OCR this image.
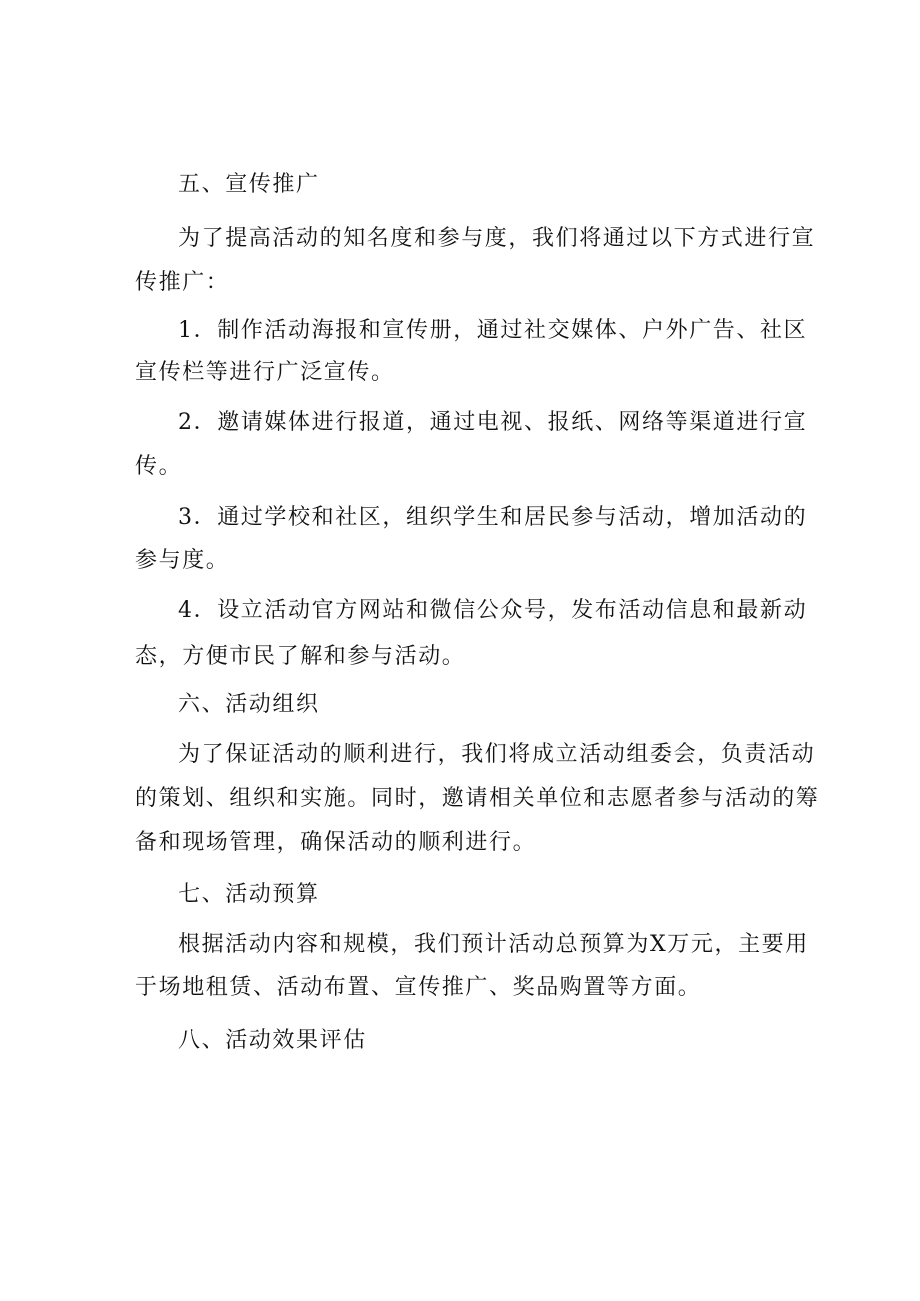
五、宣传推广
为了提高活动的知名度和参与度，我们将通过以下方式进行宣
传推广：
1．制作活动海报和宣传册，通过社交媒体、户外广告、社区
宣传栏等进行广泛宣传。
2．邀请媒体进行报道，通过电视、报纸、网络等渠道进行宣
传。
3．通过学校和社区，组织学生和居民参与活动，增加活动的
参与度。
4．设立活动官方网站和微信公众号，发布活动信息和最新动
态，方便市民了解和参与活动。
六、活动组织
为了保证活动的顺利进行，我们将成立活动组委会，负责活动
的策划、组织和实施。同时，邀请相关单位和志愿者参与活动的筹
备和现场管理，确保活动的顺利进行。
七、活动预算
根据活动内容和规模，我们预计活动总预算为X万元，主要用
于场地租赁、活动布置、宣传推广、奖品购置等方面。
八、活动效果评估
